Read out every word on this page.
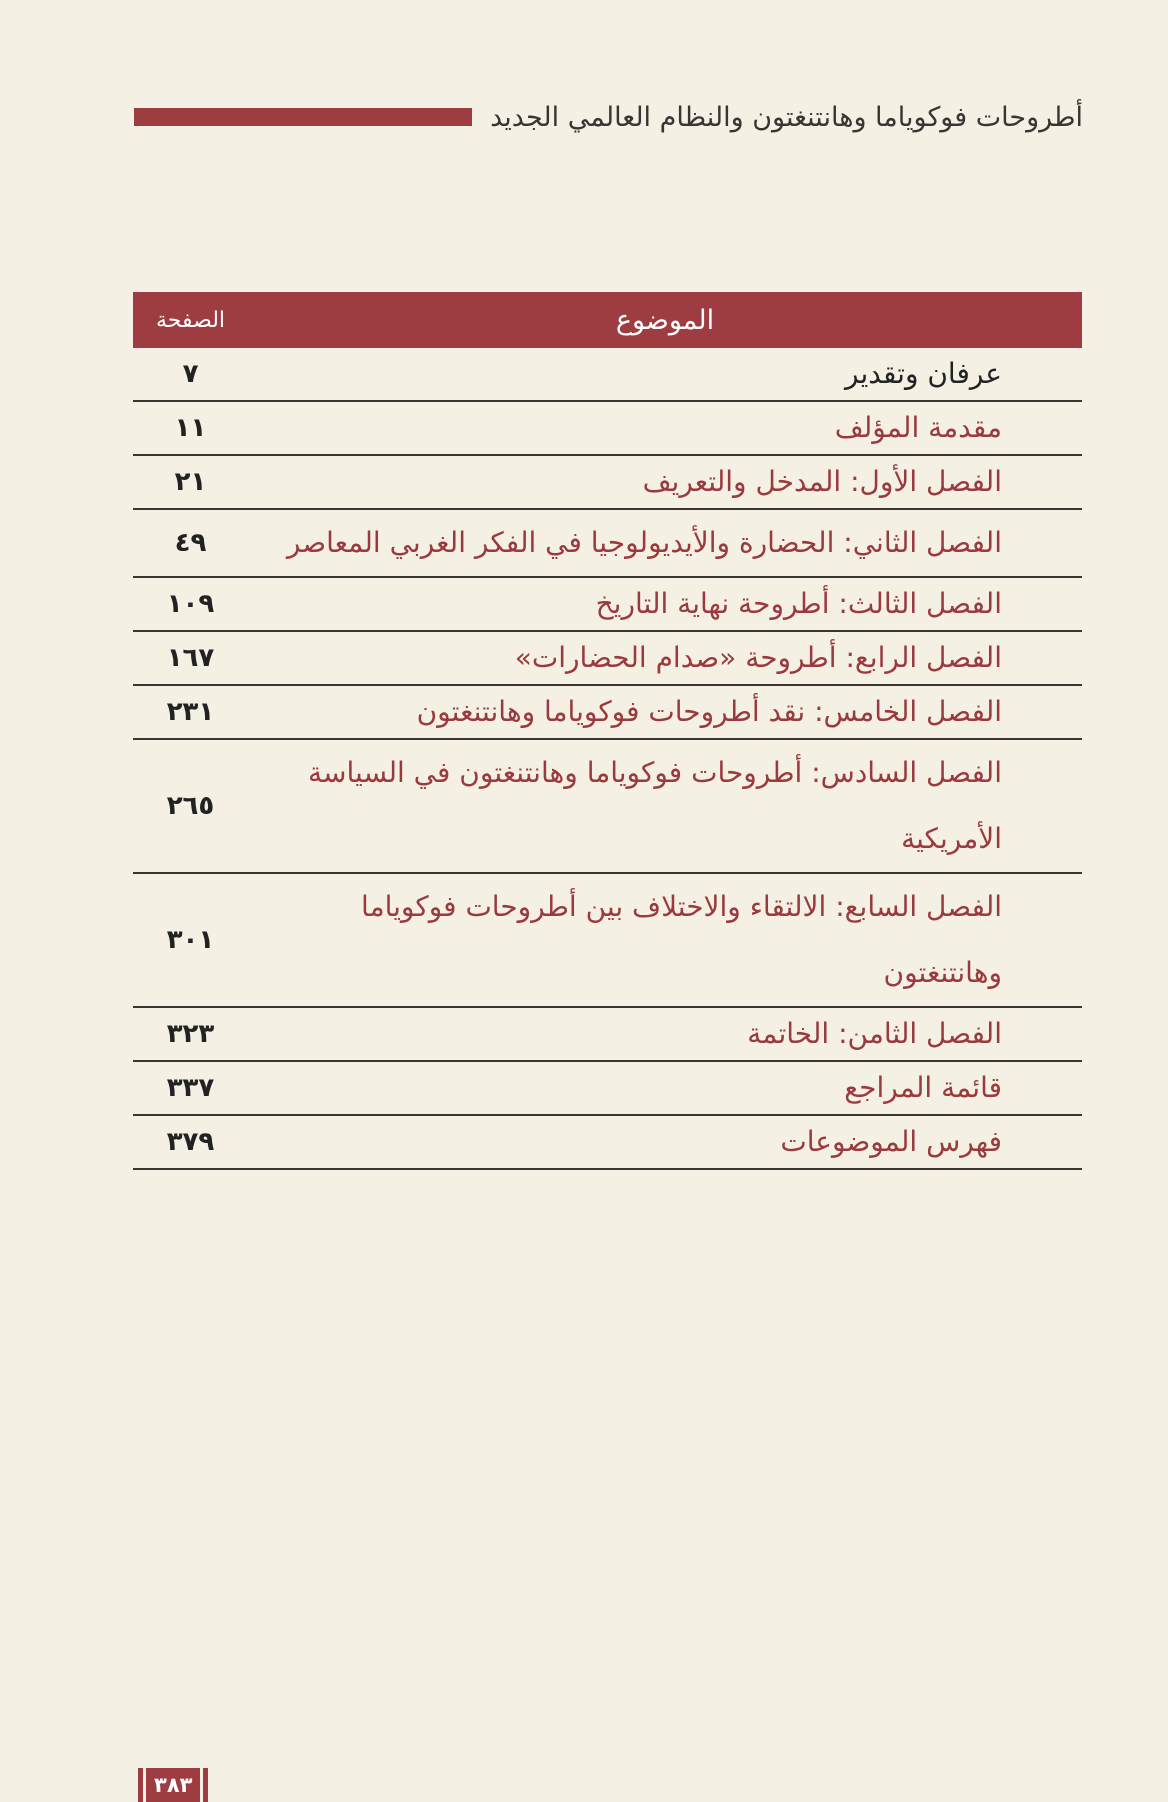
أطروحات فوكوياما وهانتنغتون والنظام العالمي الجديد
الموضوع	الصفحة
عرفان وتقدير	٧
مقدمة المؤلف	١١
الفصل الأول: المدخل والتعريف	٢١
الفصل الثاني: الحضارة والأيديولوجيا في الفكر الغربي المعاصر	٤٩
الفصل الثالث: أطروحة نهاية التاريخ	١٠٩
الفصل الرابع: أطروحة «صدام الحضارات»	١٦٧
الفصل الخامس: نقد أطروحات فوكوياما وهانتنغتون	٢٣١
الفصل السادس: أطروحات فوكوياما وهانتنغتون في السياسة الأمريكية	٢٦٥
الفصل السابع: الالتقاء والاختلاف بين أطروحات فوكوياما وهانتنغتون	٣٠١
الفصل الثامن: الخاتمة	٣٢٣
قائمة المراجع	٣٣٧
فهرس الموضوعات	٣٧٩
٣٨٣
